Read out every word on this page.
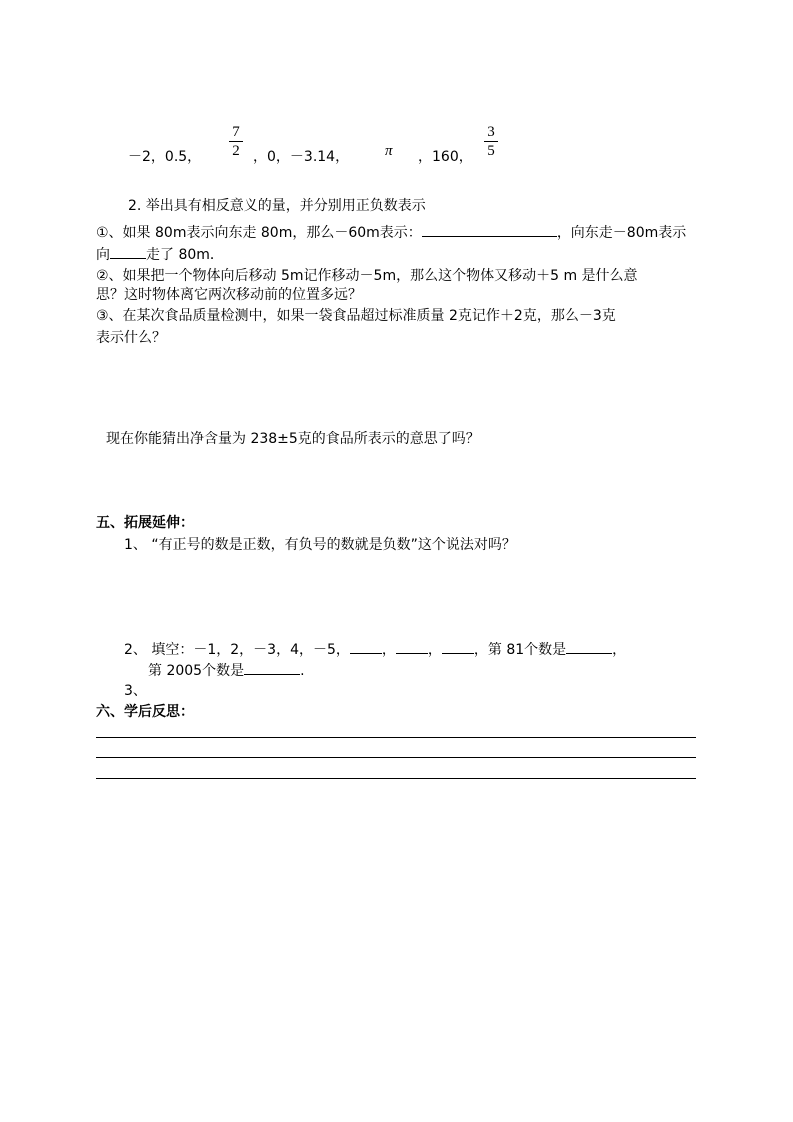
－2，0.5，
7
2 ，0，－3.14， π ，160，
3
5
2. 举出具有相反意义的量，并分别用正负数表示
①、如果 80m表示向东走 80m，那么－60m表示：	，向东走－80m表示
向	走了 80m．
②、如果把一个物体向后移动 5m记作移动－5m，那么这个物体又移动＋5 m 是什么意
思？这时物体离它两次移动前的位置多远？
③、在某次食品质量检测中，如果一袋食品超过标准质量 2克记作＋2克，那么－3克
表示什么？
现在你能猜出净含量为 238±5克的食品所表示的意思了吗？
五、拓展延伸：
1、 “有正号的数是正数，有负号的数就是负数”这个说法对吗？
2、 填空：－1，2，－3，4，－5， ， ， ，第 81个数是	，
第 2005个数是	.
3、
六、学后反思：
